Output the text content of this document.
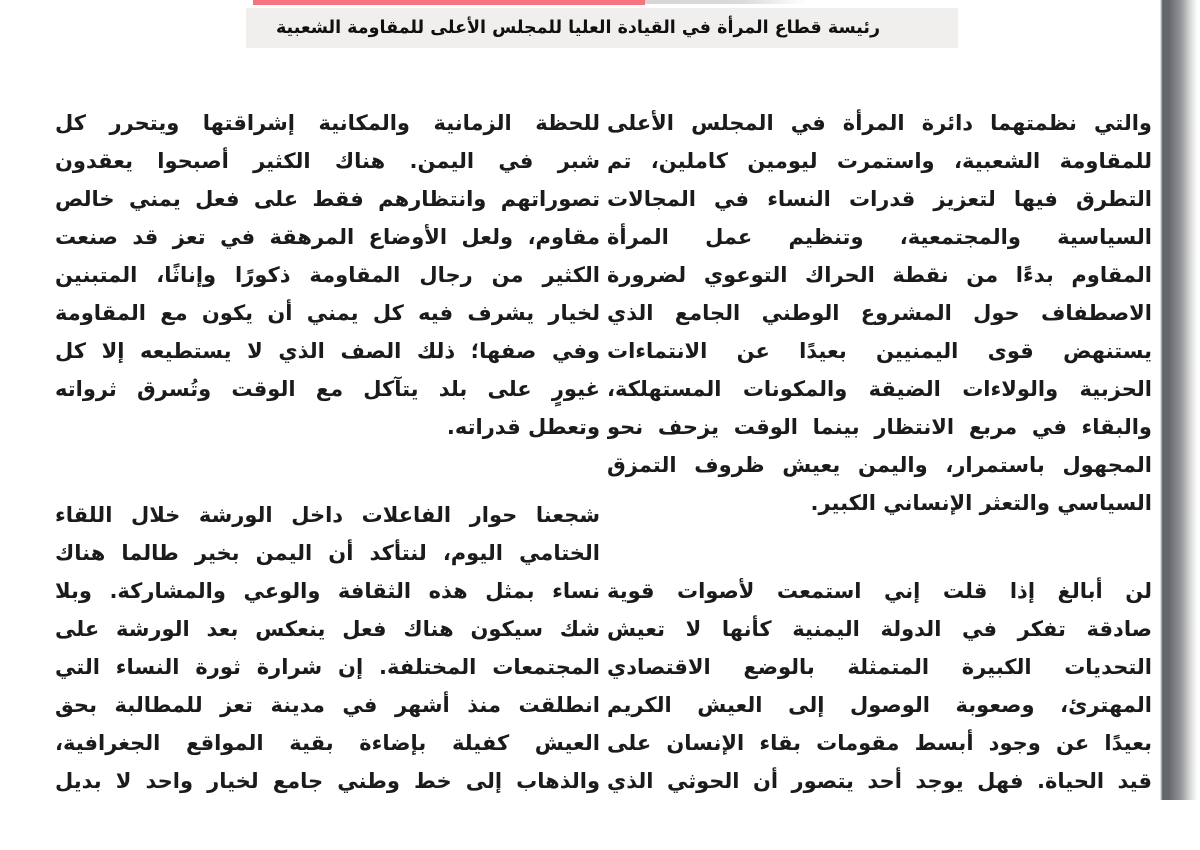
رئيسة قطاع المرأة في القيادة العليا للمجلس الأعلى للمقاومة الشعبية
والتي نظمتهما دائرة المرأة في المجلس الأعلى
للمقاومة الشعبية، واستمرت ليومين كاملين، تم
التطرق فيها لتعزيز قدرات النساء في المجالات
السياسية والمجتمعية، وتنظيم عمل المرأة
المقاوم بدءًا من نقطة الحراك التوعوي لضرورة
الاصطفاف حول المشروع الوطني الجامع الذي
يستنهض قوى اليمنيين بعيدًا عن الانتماءات
الحزبية والولاءات الضيقة والمكونات المستهلكة،
والبقاء في مربع الانتظار بينما الوقت يزحف نحو
المجهول باستمرار، واليمن يعيش ظروف التمزق
السياسي والتعثر الإنساني الكبير.
لن أبالغ إذا قلت إني استمعت لأصوات قوية
صادقة تفكر في الدولة اليمنية كأنها لا تعيش
التحديات الكبيرة المتمثلة بالوضع الاقتصادي
المهترئ، وصعوبة الوصول إلى العيش الكريم
بعيدًا عن وجود أبسط مقومات بقاء الإنسان على
قيد الحياة. فهل يوجد أحد يتصور أن الحوثي الذي
للحظة الزمانية والمكانية إشراقتها ويتحرر كل
شبر في اليمن. هناك الكثير أصبحوا يعقدون
تصوراتهم وانتظارهم فقط على فعل يمني خالص
مقاوم، ولعل الأوضاع المرهقة في تعز قد صنعت
الكثير من رجال المقاومة ذكورًا وإناثًا، المتبنين
لخيار يشرف فيه كل يمني أن يكون مع المقاومة
وفي صفها؛ ذلك الصف الذي لا يستطيعه إلا كل
غيورٍ على بلد يتآكل مع الوقت وتُسرق ثرواته
وتعطل قدراته.
شجعنا حوار الفاعلات داخل الورشة خلال اللقاء
الختامي اليوم، لنتأكد أن اليمن بخير طالما هناك
نساء بمثل هذه الثقافة والوعي والمشاركة. وبلا
شك سيكون هناك فعل ينعكس بعد الورشة على
المجتمعات المختلفة. إن شرارة ثورة النساء التي
انطلقت منذ أشهر في مدينة تعز للمطالبة بحق
العيش كفيلة بإضاءة بقية المواقع الجغرافية،
والذهاب إلى خط وطني جامع لخيار واحد لا بديل
